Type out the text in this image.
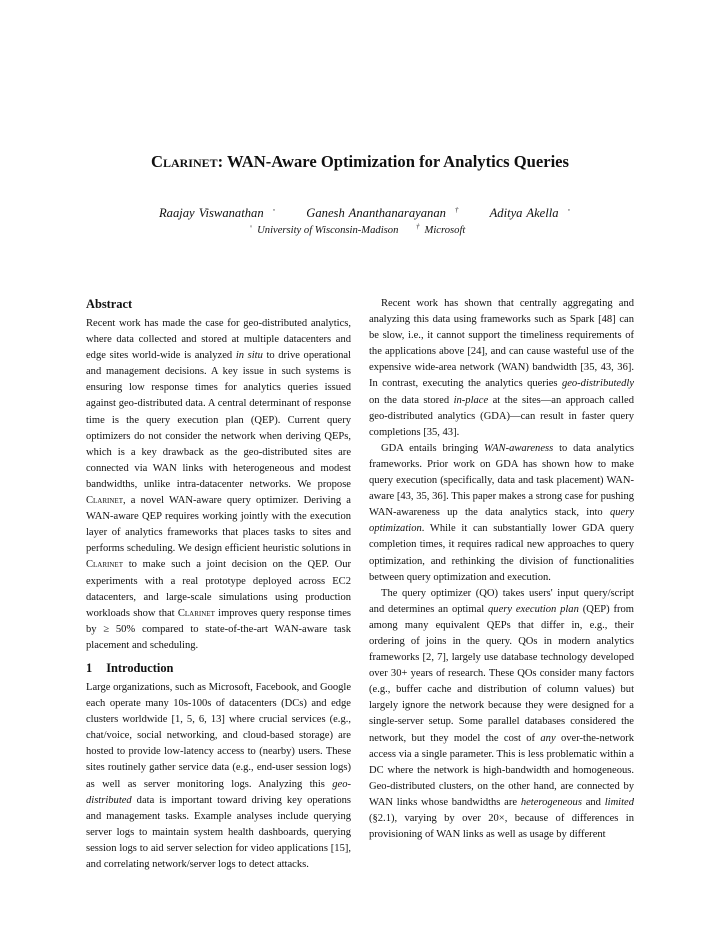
Clarinet: WAN-Aware Optimization for Analytics Queries
Raajay Viswanathan ◦ Ganesh Ananthanarayanan † Aditya Akella ◦
◦ University of Wisconsin-Madison	† Microsoft
Abstract

Recent work has made the case for geo-distributed analytics, where data collected and stored at multiple datacenters and edge sites world-wide is analyzed in situ to drive operational and management decisions. A key issue in such systems is ensuring low response times for analytics queries issued against geo-distributed data. A central determinant of response time is the query execution plan (QEP). Current query optimizers do not consider the network when deriving QEPs, which is a key drawback as the geo-distributed sites are connected via WAN links with heterogeneous and modest bandwidths, unlike intra-datacenter networks. We propose Clarinet, a novel WAN-aware query optimizer. Deriving a WAN-aware QEP requires working jointly with the execution layer of analytics frameworks that places tasks to sites and performs scheduling. We design efficient heuristic solutions in Clarinet to make such a joint decision on the QEP. Our experiments with a real prototype deployed across EC2 datacenters, and large-scale simulations using production workloads show that Clarinet improves query response times by ≥ 50% compared to state-of-the-art WAN-aware task placement and scheduling.

1 Introduction

Large organizations, such as Microsoft, Facebook, and Google each operate many 10s-100s of datacenters (DCs) and edge clusters worldwide [1, 5, 6, 13] where crucial services (e.g., chat/voice, social networking, and cloud-based storage) are hosted to provide low-latency access to (nearby) users. These sites routinely gather service data (e.g., end-user session logs) as well as server monitoring logs. Analyzing this geo-distributed data is important toward driving key operations and management tasks. Example analyses include querying server logs to maintain system health dashboards, querying session logs to aid server selection for video applications [15], and correlating network/server logs to detect attacks.

Recent work has shown that centrally aggregating and analyzing this data using frameworks such as Spark [48] can be slow, i.e., it cannot support the timeliness requirements of the applications above [24], and can cause wasteful use of the expensive wide-area network (WAN) bandwidth [35, 43, 36]. In contrast, executing the analytics queries geo-distributedly on the data stored in-place at the sites—an approach called geo-distributed analytics (GDA)—can result in faster query completions [35, 43].

GDA entails bringing WAN-awareness to data analytics frameworks. Prior work on GDA has shown how to make query execution (specifically, data and task placement) WAN-aware [43, 35, 36]. This paper makes a strong case for pushing WAN-awareness up the data analytics stack, into query optimization. While it can substantially lower GDA query completion times, it requires radical new approaches to query optimization, and rethinking the division of functionalities between query optimization and execution.

The query optimizer (QO) takes users' input query/script and determines an optimal query execution plan (QEP) from among many equivalent QEPs that differ in, e.g., their ordering of joins in the query. QOs in modern analytics frameworks [2, 7], largely use database technology developed over 30+ years of research. These QOs consider many factors (e.g., buffer cache and distribution of column values) but largely ignore the network because they were designed for a single-server setup. Some parallel databases considered the network, but they model the cost of any over-the-network access via a single parameter. This is less problematic within a DC where the network is high-bandwidth and homogeneous. Geo-distributed clusters, on the other hand, are connected by WAN links whose bandwidths are heterogeneous and limited (§2.1), varying by over 20×, because of differences in provisioning of WAN links as well as usage by different
